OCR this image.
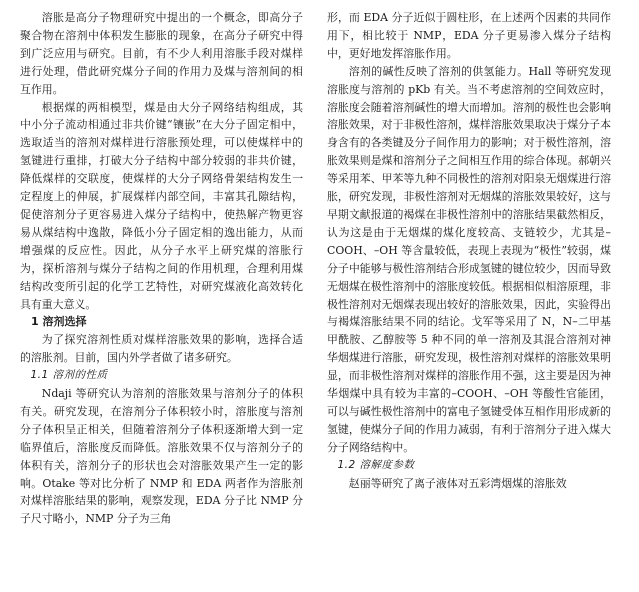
溶胀是高分子物理研究中提出的一个概念，即高分子聚合物在溶剂中体积发生膨胀的现象，在高分子研究中得到广泛应用与研究。目前，有不少人利用溶胀手段对煤样进行处理，借此研究煤分子间的作用力及煤与溶剂间的相互作用。

根据煤的两相模型，煤是由大分子网络结构组成，其中小分子流动相通过非共价键“镶嵌”在大分子固定相中，选取适当的溶剂对煤样进行溶胀预处理，可以使煤样中的氢键进行重排，打破大分子结构中部分较弱的非共价键，降低煤样的交联度，使煤样的大分子网络骨架结构发生一定程度上的伸展，扩展煤样内部空间，丰富其孔隙结构，促使溶剂分子更容易进入煤分子结构中，使热解产物更容易从煤结构中逸散，降低小分子固定相的逸出能力，从而增强煤的反应性。因此，从分子水平上研究煤的溶胀行为，探析溶剂与煤分子结构之间的作用机理，合理利用煤结构改变所引起的化学工艺特性，对研究煤液化高效转化具有重大意义。

1 溶剂选择

为了探究溶剂性质对煤样溶胀效果的影响，选择合适的溶胀剂。目前，国内外学者做了诸多研究。

1.1 溶剂的性质

Ndaji 等研究认为溶剂的溶胀效果与溶剂分子的体积有关。研究发现，在溶剂分子体积较小时，溶胀度与溶剂分子体积呈正相关，但随着溶剂分子体积逐渐增大到一定临界值后，溶胀度反而降低。溶胀效果不仅与溶剂分子的体积有关，溶剂分子的形状也会对溶胀效果产生一定的影响。Otake 等对比分析了 NMP 和 EDA 两者作为溶胀剂对煤样溶胀结果的影响，观察发现，EDA 分子比 NMP 分子尺寸略小，NMP 分子为三角

形，而 EDA 分子近似于圆柱形，在上述两个因素的共同作用下，相比较于 NMP，EDA 分子更易渗入煤分子结构中，更好地发挥溶胀作用。

溶剂的碱性反映了溶剂的供氢能力。Hall 等研究发现溶胀度与溶剂的 pKb 有关。当不考虑溶剂的空间效应时，溶胀度会随着溶剂碱性的增大而增加。溶剂的极性也会影响溶胀效果，对于非极性溶剂，煤样溶胀效果取决于煤分子本身含有的各类键及分子间作用力的影响；对于极性溶剂，溶胀效果则是煤和溶剂分子之间相互作用的综合体现。郝朝兴等采用苯、甲苯等九种不同极性的溶剂对阳泉无烟煤进行溶胀，研究发现，非极性溶剂对无烟煤的溶胀效果较好，这与早期文献报道的褐煤在非极性溶剂中的溶胀结果截然相反，认为这是由于无烟煤的煤化度较高、支链较少，尤其是–COOH、–OH 等含量较低，表现上表现为“极性”较弱，煤分子中能够与极性溶剂结合形成氢键的键位较少，因而导致无烟煤在极性溶剂中的溶胀度较低。根据相似相溶原理，非极性溶剂对无烟煤表现出较好的溶胀效果，因此，实验得出与褐煤溶胀结果不同的结论。戈军等采用了 N，N–二甲基甲酰胺、乙醇胺等 5 种不同的单一溶剂及其混合溶剂对神华烟煤进行溶胀，研究发现，极性溶剂对煤样的溶胀效果明显，而非极性溶剂对煤样的溶胀作用不强，这主要是因为神华烟煤中具有较为丰富的–COOH、–OH 等酸性官能团，可以与碱性极性溶剂中的富电子氢键受体互相作用形成新的氢键，使煤分子间的作用力减弱，有利于溶剂分子进入煤大分子网络结构中。

1.2 溶解度参数

赵丽等研究了离子液体对五彩湾烟煤的溶胀效
